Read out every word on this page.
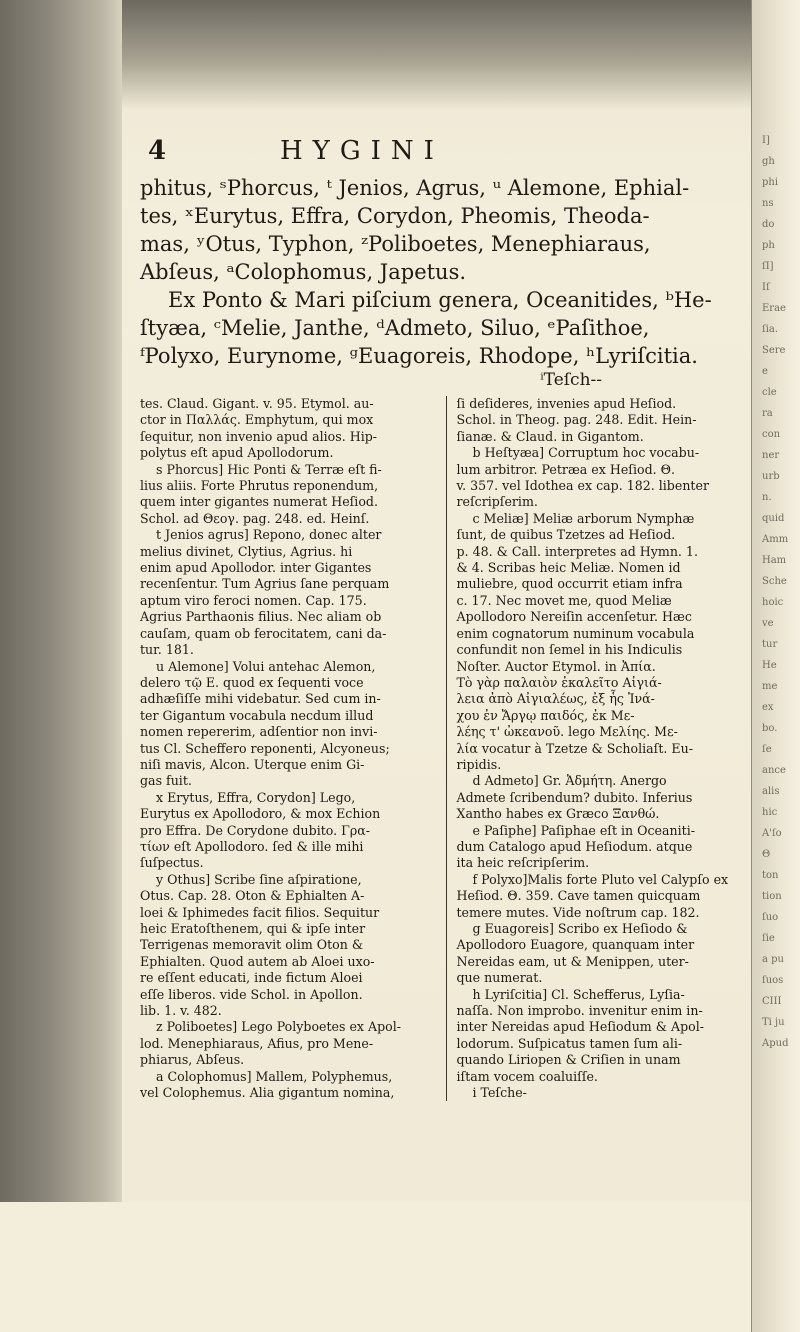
I]
gh
phi
ns
do
ph
ſI]
Iſ
Erae
ſia.
Sere
e
cle
ra
con
ner
urb
n.
quid
Amm
Ham
Sche
hoic
ve
tur
He
me
ex
bo.
ſe
ance
alis
hic
A'ſo
Θ
ton
tion
ſuo
ſie
a pu
ſuos
CIII
Ti ju
Apud
4	HYGINI

phitus, ˢPhorcus, ᵗ Jenios, Agrus, ᵘ Alemone, Ephial-

tes, ˣEurytus, Effra, Corydon, Pheomis, Theoda-

mas, ʸOtus, Typhon, ᶻPoliboetes, Menephiaraus,

Abſeus, ᵃColophomus, Japetus.

Ex Ponto & Mari piſcium genera, Oceanitides, ᵇHe-

ſtyæa, ᶜMelie, Janthe, ᵈAdmeto, Siluo, ᵉPaſithoe,

ᶠPolyxo, Eurynome, ᵍEuagoreis, Rhodope, ʰLyriſcitia.

ⁱTeſch--

tes. Claud. Gigant. v. 95. Etymol. au-

ctor in Παλλάς. Emphytum, qui mox

ſequitur, non invenio apud alios. Hip-

polytus eſt apud Apollodorum.

s Phorcus] Hic Ponti & Terræ eſt fi-

lius aliis. Forte Phrutus reponendum,

quem inter gigantes numerat Heſiod.

Schol. ad Θεογ. pag. 248. ed. Heinſ.

t Jenios agrus] Repono, donec alter

melius divinet, Clytius, Agrius. hi

enim apud Apollodor. inter Gigantes

recenſentur. Tum Agrius ſane perquam

aptum viro feroci nomen. Cap. 175.

Agrius Parthaonis filius. Nec aliam ob

cauſam, quam ob ferocitatem, cani da-

tur. 181.

u Alemone] Volui antehac Alemon,

delero τῷ E. quod ex ſequenti voce

adhæſiſſe mihi videbatur. Sed cum in-

ter Gigantum vocabula necdum illud

nomen repererim, adſentior non invi-

tus Cl. Scheffero reponenti, Alcyoneus;

niſi mavis, Alcon. Uterque enim Gi-

gas fuit.

x Erytus, Effra, Corydon] Lego,

Eurytus ex Apollodoro, & mox Echion

pro Effra. De Corydone dubito. Γρα-

τίων eſt Apollodoro. ſed & ille mihi

ſuſpectus.

y Othus] Scribe ſine aſpiratione,

Otus. Cap. 28. Oton & Ephialten A-

loei & Iphimedes facit filios. Sequitur

heic Eratoſthenem, qui & ipſe inter

Terrigenas memoravit olim Oton &

Ephialten. Quod autem ab Aloei uxo-

re eſſent educati, inde fictum Aloei

eſſe liberos. vide Schol. in Apollon.

lib. 1. v. 482.

z Poliboetes] Lego Polyboetes ex Apol-

lod. Menephiaraus, Afius, pro Mene-

phiarus, Abſeus.

a Colophomus] Mallem, Polyphemus,

vel Colophemus. Alia gigantum nomina,

ſi deſideres, invenies apud Heſiod.

Schol. in Theog. pag. 248. Edit. Hein-

ſianæ. & Claud. in Gigantom.

b Heſtyæa] Corruptum hoc vocabu-

lum arbitror. Petræa ex Heſiod. Θ.

v. 357. vel Idothea ex cap. 182. libenter

reſcripſerim.

c Meliæ] Meliæ arborum Nymphæ

ſunt, de quibus Tzetzes ad Heſiod.

p. 48. & Call. interpretes ad Hymn. 1.

& 4. Scribas heic Meliæ. Nomen id

muliebre, quod occurrit etiam infra

c. 17. Nec movet me, quod Meliæ

Apollodoro Nereiſin accenſetur. Hæc

enim cognatorum numinum vocabula

confundit non ſemel in his Indiculis

Noſter. Auctor Etymol. in Ἀπία.

Τὸ γὰρ παλαιὸν ἐκαλεῖτο Αἰγιά-

λεια ἀπὸ Αἰγιαλέως, ἐξ ἧς Ἰνά-

χου ἐν Ἄργῳ παιδός, ἐκ Με-

λέης τ' ὠκεανοῦ. lego Μελίης. Με-

λία vocatur à Tzetze & Scholiaſt. Eu-

ripidis.

d Admeto] Gr. Ἀδμήτη. Anergo

Admete ſcribendum? dubito. Inferius

Xantho habes ex Græco Ξανθώ.

e Paſiphe] Paſiphae eſt in Oceaniti-

dum Catalogo apud Heſiodum. atque

ita heic reſcripſerim.

f Polyxo]Malis forte Pluto vel Calypſo ex

Heſiod. Θ. 359. Cave tamen quicquam

temere mutes. Vide noſtrum cap. 182.

g Euagoreis] Scribo ex Heſiodo &

Apollodoro Euagore, quanquam inter

Nereidas eam, ut & Menippen, uter-

que numerat.

h Lyriſcitia] Cl. Schefferus, Lyſia-

naſſa. Non improbo. invenitur enim in-

inter Nereidas apud Heſiodum & Apol-

lodorum. Suſpicatus tamen ſum ali-

quando Liriopen & Criſien in unam

iſtam vocem coaluiſſe.

i Teſche-
